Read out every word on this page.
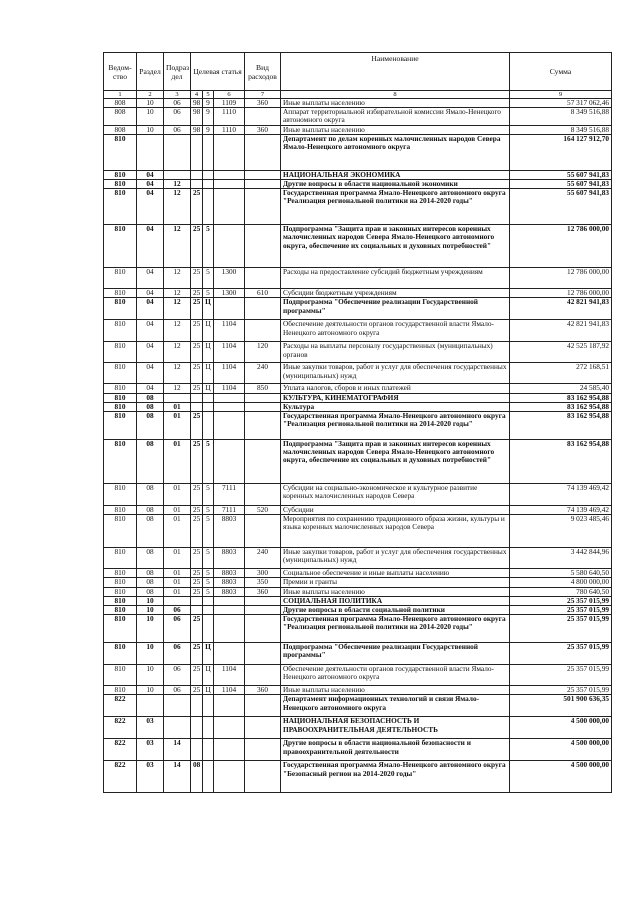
Ведом-ство	Раздел	Подраз дел	Целевая статья			Вид расходов	Наименование	Сумма
1	2	3	4	5	6	7	8	9
808	10	06	98	9	1109	360	Иные выплаты населению	57 317 062,46
808	10	06	98	9	1110		Аппарат территориальной избирательной комиссии Ямало-Ненецкого автономного округа	8 349 516,88
808	10	06	98	9	1110	360	Иные выплаты населению	8 349 516,88
810							Департамент по делам коренных малочисленных народов Севера Ямало-Ненецкого автономного округа	164 127 912,70
810	04						НАЦИОНАЛЬНАЯ ЭКОНОМИКА	55 607 941,83
810	04	12					Другие вопросы в области национальной экономики	55 607 941,83
810	04	12	25				Государственная программа Ямало-Ненецкого автономного округа "Реализация региональной политики на 2014-2020 годы"	55 607 941,83
810	04	12	25	5			Подпрограмма "Защита прав и законных интересов коренных малочисленных народов Севера Ямало-Ненецкого автономного округа, обеспечение их социальных и духовных потребностей"	12 786 000,00
810	04	12	25	5	1300		Расходы на предоставление субсидий бюджетным учреждениям	12 786 000,00
810	04	12	25	5	1300	610	Субсидии бюджетным учреждениям	12 786 000,00
810	04	12	25	Ц			Подпрограмма "Обеспечение реализации Государственной программы"	42 821 941,83
810	04	12	25	Ц	1104		Обеспечение деятельности органов государственной власти Ямало-Ненецкого автономного округа	42 821 941,83
810	04	12	25	Ц	1104	120	Расходы на выплаты персоналу государственных (муниципальных) органов	42 525 187,92
810	04	12	25	Ц	1104	240	Иные закупки товаров, работ и услуг для обеспечения государственных (муниципальных) нужд	272 168,51
810	04	12	25	Ц	1104	850	Уплата налогов, сборов и иных платежей	24 585,40
810	08						КУЛЬТУРА, КИНЕМАТОГРАФИЯ	83 162 954,88
810	08	01					Культура	83 162 954,88
810	08	01	25				Государственная программа Ямало-Ненецкого автономного округа "Реализация региональной политики на 2014-2020 годы"	83 162 954,88
810	08	01	25	5			Подпрограмма "Защита прав и законных интересов коренных малочисленных народов Севера Ямало-Ненецкого автономного округа, обеспечение их социальных и духовных потребностей"	83 162 954,88
810	08	01	25	5	7111		Субсидии на социально-экономическое и культурное развитие коренных малочисленных народов Севера	74 139 469,42
810	08	01	25	5	7111	520	Субсидии	74 139 469,42
810	08	01	25	5	8803		Мероприятия по сохранению традиционного образа жизни, культуры и языка коренных малочисленных народов Севера	9 023 485,46
810	08	01	25	5	8803	240	Иные закупки товаров, работ и услуг для обеспечения государственных (муниципальных) нужд	3 442 844,96
810	08	01	25	5	8803	300	Социальное обеспечение и иные выплаты населению	5 580 640,50
810	08	01	25	5	8803	350	Премии и гранты	4 800 000,00
810	08	01	25	5	8803	360	Иные выплаты населению	780 640,50
810	10						СОЦИАЛЬНАЯ ПОЛИТИКА	25 357 015,99
810	10	06					Другие вопросы в области социальной политики	25 357 015,99
810	10	06	25				Государственная программа Ямало-Ненецкого автономного округа "Реализация региональной политики на 2014-2020 годы"	25 357 015,99
810	10	06	25	Ц			Подпрограмма "Обеспечение реализации Государственной программы"	25 357 015,99
810	10	06	25	Ц	1104		Обеспечение деятельности органов государственной власти Ямало-Ненецкого автономного округа	25 357 015,99
810	10	06	25	Ц	1104	360	Иные выплаты населению	25 357 015,99
822							Департамент информационных технологий и связи Ямало-Ненецкого автономного округа	501 900 636,35
822	03						НАЦИОНАЛЬНАЯ БЕЗОПАСНОСТЬ И ПРАВООХРАНИТЕЛЬНАЯ ДЕЯТЕЛЬНОСТЬ	4 500 000,00
822	03	14					Другие вопросы в области национальной безопасности и правоохранительной деятельности	4 500 000,00
822	03	14	08				Государственная программа Ямало-Ненецкого автономного округа "Безопасный регион на 2014-2020 годы"	4 500 000,00
